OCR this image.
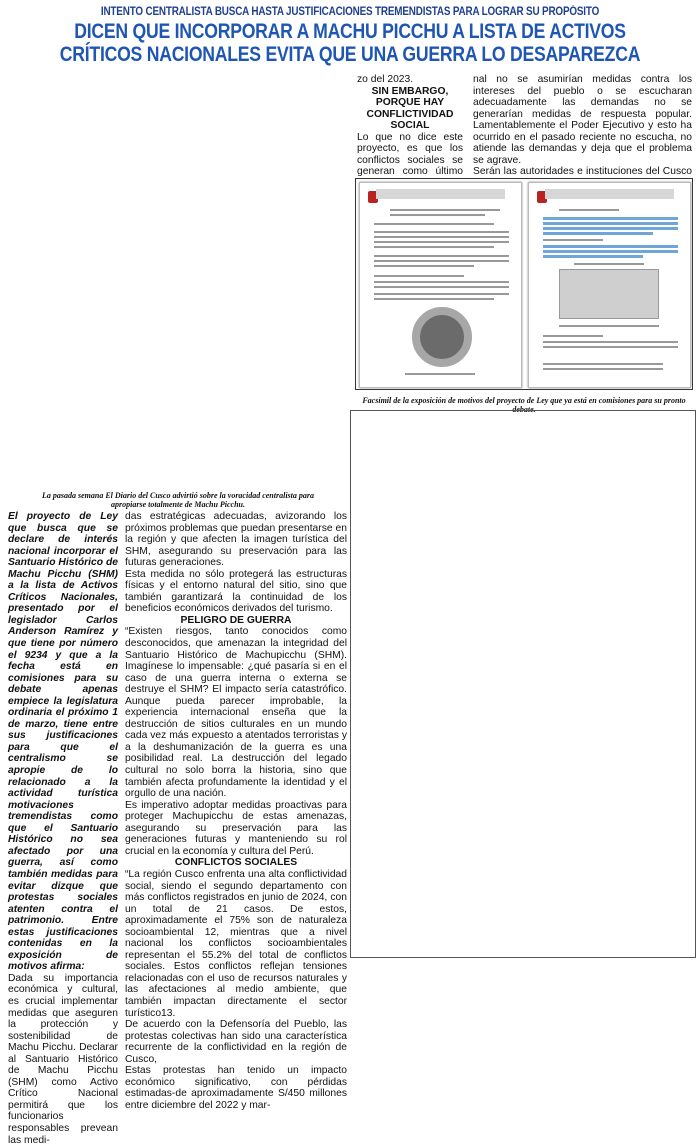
INTENTO CENTRALISTA BUSCA HASTA JUSTIFICACIONES TREMENDISTAS PARA LOGRAR SU PROPÓSITO
DICEN QUE INCORPORAR A MACHU PICCHU A LISTA DE ACTIVOS
CRÍTICOS NACIONALES EVITA QUE UNA GUERRA LO DESAPAREZCA

zo del 2023.

SIN EMBARGO, PORQUE HAY CONFLICTIVIDAD SOCIAL

Lo que no dice este proyecto, es que los conflictos sociales se generan como último

nal no se asumirían medidas contra los intereses del pueblo o se escucharan adecuadamente las demandas no se generarían medidas de respuesta popular. Lamentablemente el Poder Ejecutivo y esto ha ocurrido en el pasado reciente no escucha, no atiende las demandas y deja que el problema se agrave.

Serán las autoridades e instituciones del Cusco

Facsímil de la exposición de motivos del proyecto de Ley que ya está en comisiones para su pronto debate.
La pasada semana El Diario del Cusco advirtió sobre la voracidad centralista para apropiarse totalmente de Machu Picchu.

El proyecto de Ley que busca que se declare de interés nacional incorporar el Santuario Histórico de Machu Picchu (SHM) a la lista de Activos Críticos Nacionales, presentado por el legislador Carlos Anderson Ramírez y que tiene por número el 9234 y que a la fecha está en comisiones para su debate apenas empiece la legislatura ordinaria el próximo 1 de marzo, tiene entre sus justificaciones para que el centralismo se apropie de lo relacionado a la actividad turística motivaciones tremendistas como que el Santuario Histórico no sea afectado por una guerra, así como también medidas para evitar dizque que protestas sociales atenten contra el patrimonio. Entre estas justificaciones contenidas en la exposición de motivos afirma:

Dada su importancia económica y cultural, es crucial implementar medidas que aseguren la protección y sostenibilidad de Machu Picchu. Declarar al Santuario Histórico de Machu Picchu (SHM) como Activo Crítico Nacional permitirá que los funcionarios responsables prevean las medi-

das estratégicas adecuadas, avizorando los próximos problemas que puedan presentarse en la región y que afecten la imagen turística del SHM, asegurando su preservación para las futuras generaciones.

Esta medida no sólo protegerá las estructuras físicas y el entorno natural del sitio, sino que también garantizará la continuidad de los beneficios económicos derivados del turismo.

PELIGRO DE GUERRA

“Existen riesgos, tanto conocidos como desconocidos, que amenazan la integridad del Santuario Histórico de Machupicchu (SHM). Imagínese lo impensable: ¿qué pasaría si en el caso de una guerra interna o externa se destruye el SHM? El impacto sería catastrófico. Aunque pueda parecer improbable, la experiencia internacional enseña que la destrucción de sitios culturales en un mundo cada vez más expuesto a atentados terroristas y a la deshumanización de la guerra es una posibilidad real. La destrucción del legado cultural no solo borra la historia, sino que también afecta profundamente la identidad y el orgullo de una nación.

Es imperativo adoptar medidas proactivas para proteger Machupicchu de estas amenazas, asegurando su preservación para las generaciones futuras y manteniendo su rol crucial en la economía y cultura del Perú.

CONFLICTOS SOCIALES

“La región Cusco enfrenta una alta conflictividad social, siendo el segundo departamento con más conflictos registrados en junio de 2024, con un total de 21 casos. De estos, aproximadamente el 75% son de naturaleza socioambiental 12, mientras que a nivel nacional los conflictos socioambientales representan el 55.2% del total de conflictos sociales. Estos conflictos reflejan tensiones relacionadas con el uso de recursos naturales y las afectaciones al medio ambiente, que también impactan directamente el sector turístico13.

De acuerdo con la Defensoría del Pueblo, las protestas colectivas han sido una característica recurrente de la conflictividad en la región de Cusco,

Estas protestas han tenido un impacto económico significativo, con pérdidas estimadas-de aproximadamente S/450 millones entre diciembre del 2022 y mar-
